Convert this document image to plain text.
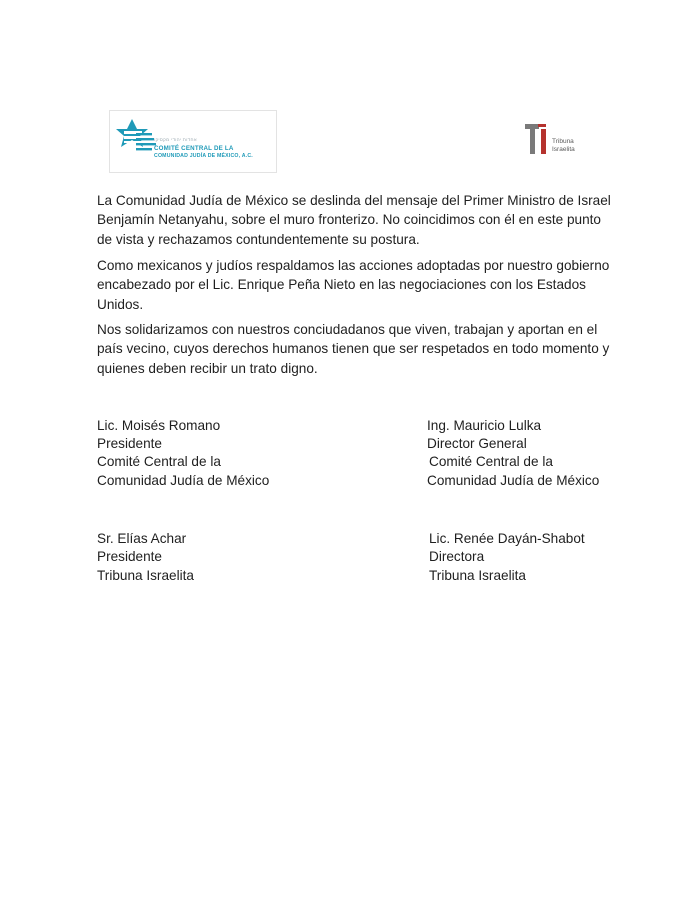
אחדות יהודי מקסיקו
COMITÉ CENTRAL DE LA
COMUNIDAD JUDÍA DE MÉXICO, A.C.
Tribuna
Israelita

La Comunidad Judía de México se deslinda del mensaje del Primer Ministro de Israel Benjamín Netanyahu, sobre el muro fronterizo. No coincidimos con él en este punto de vista y rechazamos contundentemente su postura.

Como mexicanos y judíos respaldamos las acciones adoptadas por nuestro gobierno encabezado por el Lic. Enrique Peña Nieto en las negociaciones con los Estados Unidos.

Nos solidarizamos con nuestros conciudadanos que viven, trabajan y aportan en el país vecino, cuyos derechos humanos tienen que ser respetados en todo momento y quienes deben recibir un trato digno.

Lic. Moisés Romano
Presidente
Comité Central de la
Comunidad Judía de México
Ing. Mauricio Lulka
Director General
Comité Central de la
Comunidad Judía de México
Sr. Elías Achar
Presidente
Tribuna Israelita
Lic. Renée Dayán-Shabot
Directora
Tribuna Israelita
